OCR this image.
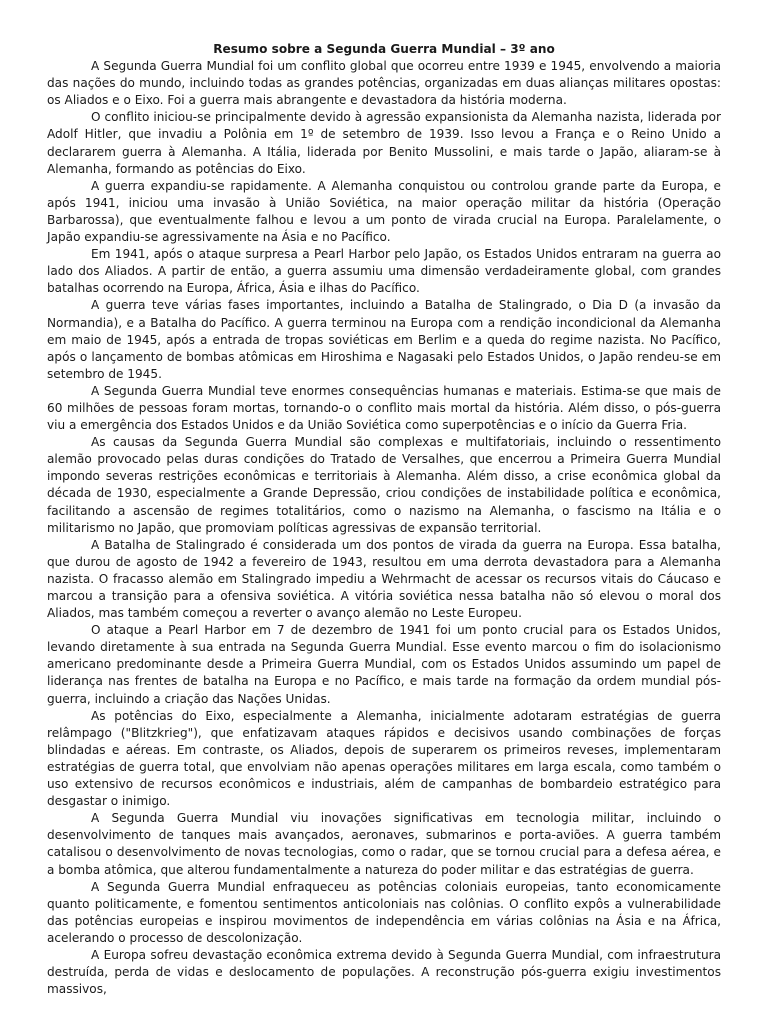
Resumo sobre a Segunda Guerra Mundial – 3º ano

A Segunda Guerra Mundial foi um conflito global que ocorreu entre 1939 e 1945, envolvendo a maioria das nações do mundo, incluindo todas as grandes potências, organizadas em duas alianças militares opostas: os Aliados e o Eixo. Foi a guerra mais abrangente e devastadora da história moderna.

O conflito iniciou-se principalmente devido à agressão expansionista da Alemanha nazista, liderada por Adolf Hitler, que invadiu a Polônia em 1º de setembro de 1939. Isso levou a França e o Reino Unido a declararem guerra à Alemanha. A Itália, liderada por Benito Mussolini, e mais tarde o Japão, aliaram-se à Alemanha, formando as potências do Eixo.

A guerra expandiu-se rapidamente. A Alemanha conquistou ou controlou grande parte da Europa, e após 1941, iniciou uma invasão à União Soviética, na maior operação militar da história (Operação Barbarossa), que eventualmente falhou e levou a um ponto de virada crucial na Europa. Paralelamente, o Japão expandiu-se agressivamente na Ásia e no Pacífico.

Em 1941, após o ataque surpresa a Pearl Harbor pelo Japão, os Estados Unidos entraram na guerra ao lado dos Aliados. A partir de então, a guerra assumiu uma dimensão verdadeiramente global, com grandes batalhas ocorrendo na Europa, África, Ásia e ilhas do Pacífico.

A guerra teve várias fases importantes, incluindo a Batalha de Stalingrado, o Dia D (a invasão da Normandia), e a Batalha do Pacífico. A guerra terminou na Europa com a rendição incondicional da Alemanha em maio de 1945, após a entrada de tropas soviéticas em Berlim e a queda do regime nazista. No Pacífico, após o lançamento de bombas atômicas em Hiroshima e Nagasaki pelo Estados Unidos, o Japão rendeu-se em setembro de 1945.

A Segunda Guerra Mundial teve enormes consequências humanas e materiais. Estima-se que mais de 60 milhões de pessoas foram mortas, tornando-o o conflito mais mortal da história. Além disso, o pós-guerra viu a emergência dos Estados Unidos e da União Soviética como superpotências e o início da Guerra Fria.

As causas da Segunda Guerra Mundial são complexas e multifatoriais, incluindo o ressentimento alemão provocado pelas duras condições do Tratado de Versalhes, que encerrou a Primeira Guerra Mundial impondo severas restrições econômicas e territoriais à Alemanha. Além disso, a crise econômica global da década de 1930, especialmente a Grande Depressão, criou condições de instabilidade política e econômica, facilitando a ascensão de regimes totalitários, como o nazismo na Alemanha, o fascismo na Itália e o militarismo no Japão, que promoviam políticas agressivas de expansão territorial.

A Batalha de Stalingrado é considerada um dos pontos de virada da guerra na Europa. Essa batalha, que durou de agosto de 1942 a fevereiro de 1943, resultou em uma derrota devastadora para a Alemanha nazista. O fracasso alemão em Stalingrado impediu a Wehrmacht de acessar os recursos vitais do Cáucaso e marcou a transição para a ofensiva soviética. A vitória soviética nessa batalha não só elevou o moral dos Aliados, mas também começou a reverter o avanço alemão no Leste Europeu.

O ataque a Pearl Harbor em 7 de dezembro de 1941 foi um ponto crucial para os Estados Unidos, levando diretamente à sua entrada na Segunda Guerra Mundial. Esse evento marcou o fim do isolacionismo americano predominante desde a Primeira Guerra Mundial, com os Estados Unidos assumindo um papel de liderança nas frentes de batalha na Europa e no Pacífico, e mais tarde na formação da ordem mundial pós-guerra, incluindo a criação das Nações Unidas.

As potências do Eixo, especialmente a Alemanha, inicialmente adotaram estratégias de guerra relâmpago ("Blitzkrieg"), que enfatizavam ataques rápidos e decisivos usando combinações de forças blindadas e aéreas. Em contraste, os Aliados, depois de superarem os primeiros reveses, implementaram estratégias de guerra total, que envolviam não apenas operações militares em larga escala, como também o uso extensivo de recursos econômicos e industriais, além de campanhas de bombardeio estratégico para desgastar o inimigo.

A Segunda Guerra Mundial viu inovações significativas em tecnologia militar, incluindo o desenvolvimento de tanques mais avançados, aeronaves, submarinos e porta-aviões. A guerra também catalisou o desenvolvimento de novas tecnologias, como o radar, que se tornou crucial para a defesa aérea, e a bomba atômica, que alterou fundamentalmente a natureza do poder militar e das estratégias de guerra.

A Segunda Guerra Mundial enfraqueceu as potências coloniais europeias, tanto economicamente quanto politicamente, e fomentou sentimentos anticoloniais nas colônias. O conflito expôs a vulnerabilidade das potências europeias e inspirou movimentos de independência em várias colônias na Ásia e na África, acelerando o processo de descolonização.

A Europa sofreu devastação econômica extrema devido à Segunda Guerra Mundial, com infraestrutura destruída, perda de vidas e deslocamento de populações. A reconstrução pós-guerra exigiu investimentos massivos,
